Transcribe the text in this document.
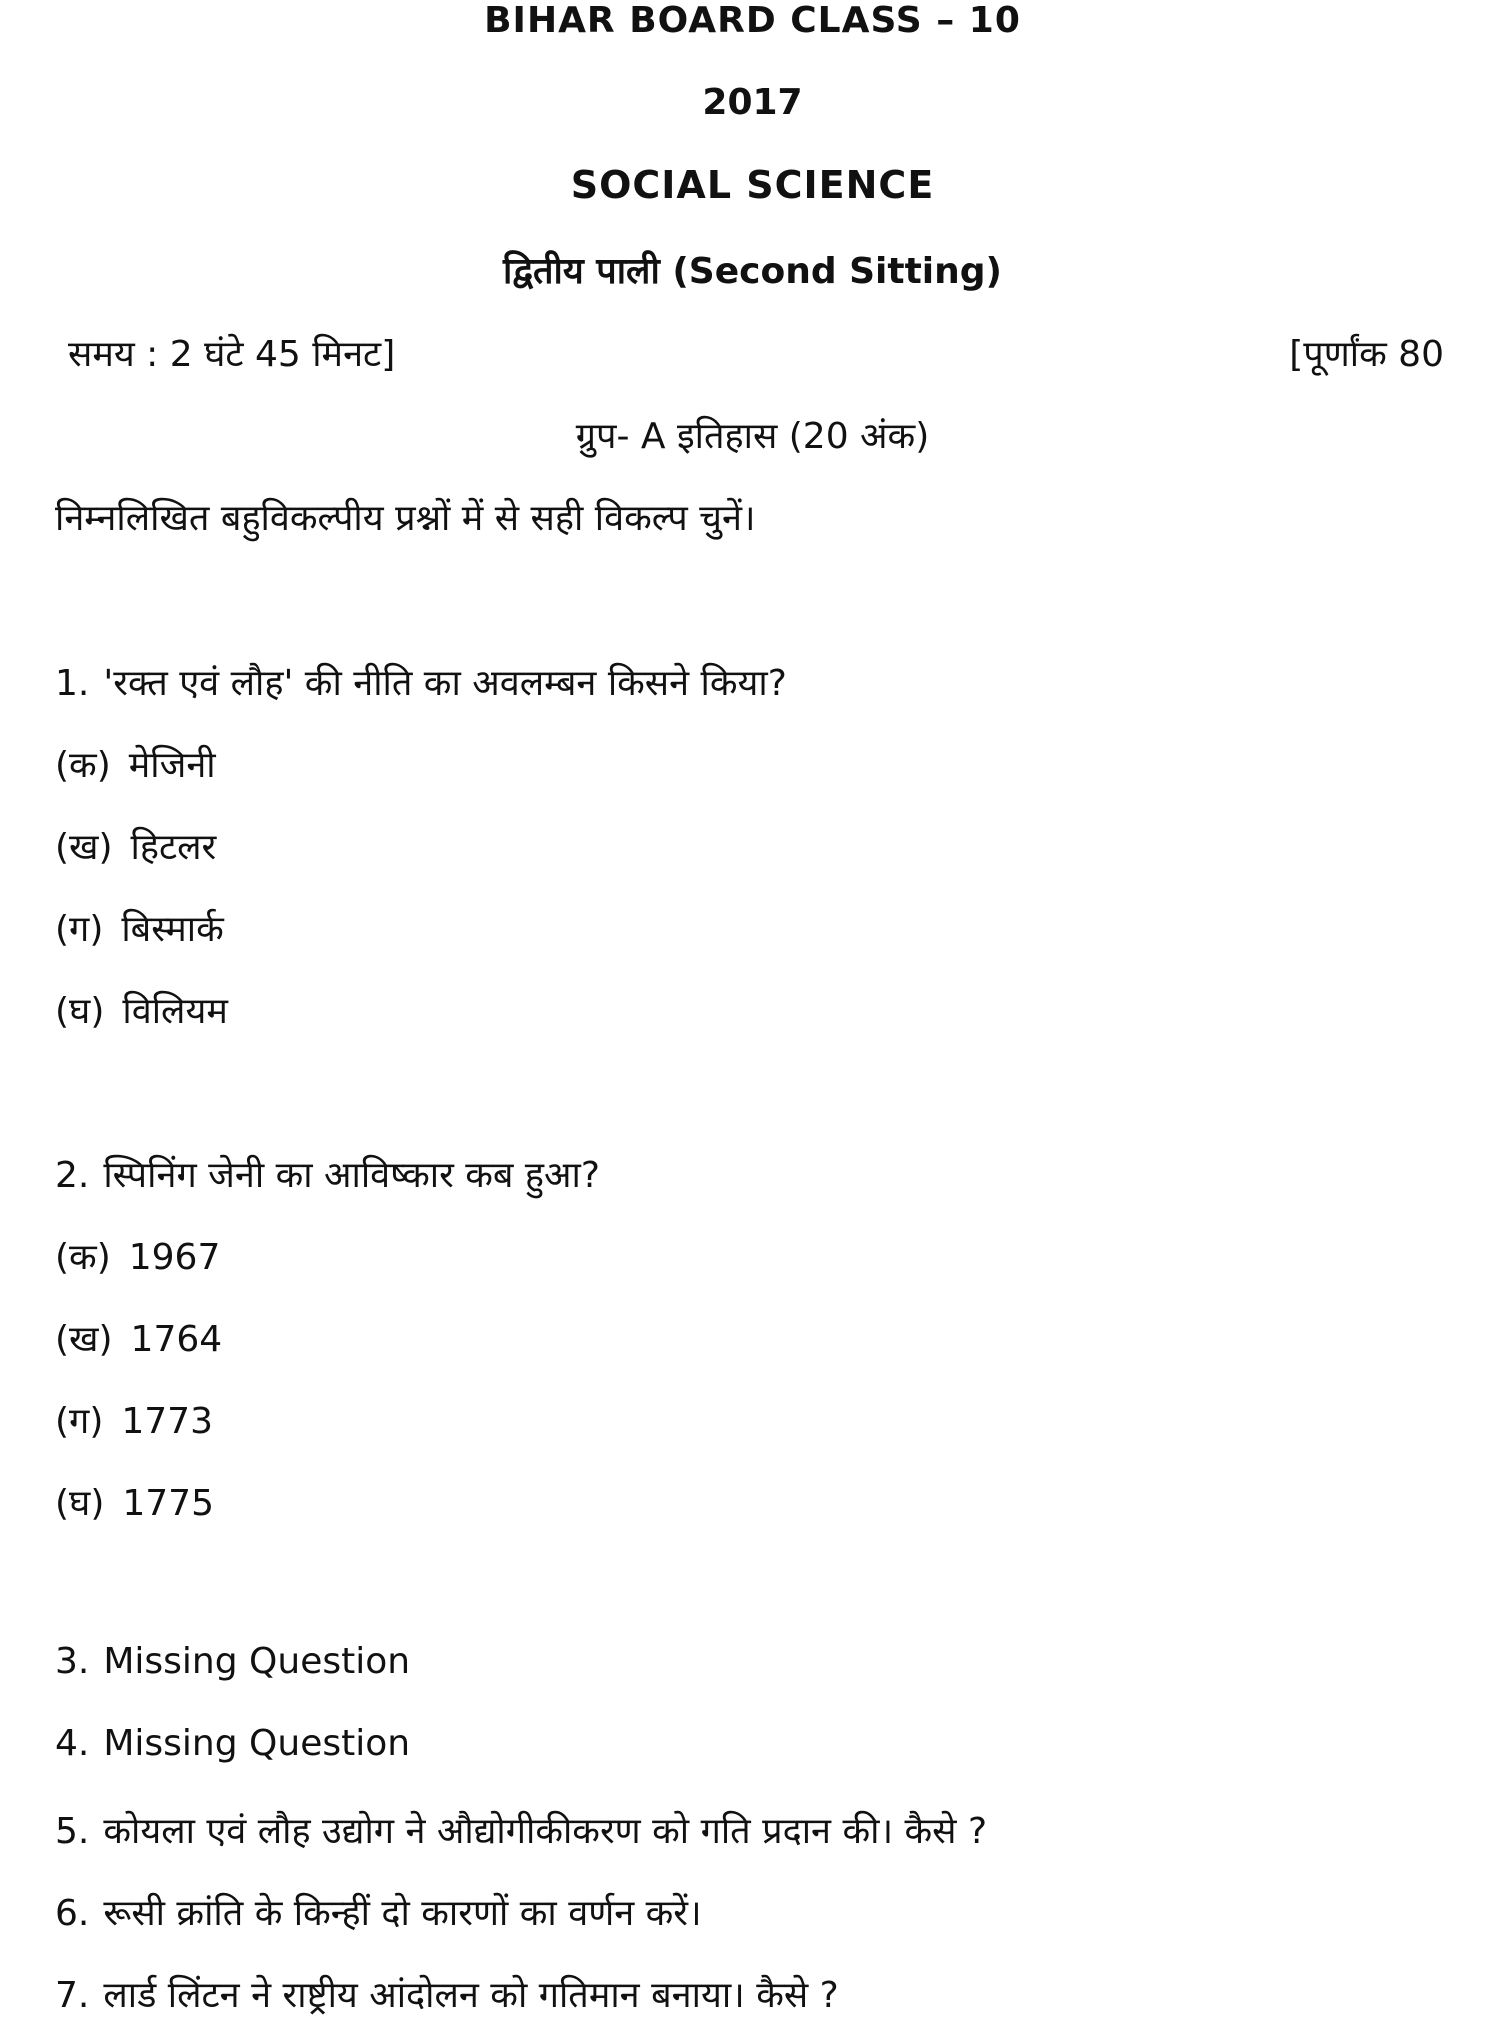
BIHAR BOARD CLASS – 10
2017
SOCIAL SCIENCE
द्वितीय पाली (Second Sitting)
समय : 2 घंटे 45 मिनट]	[पूर्णांक 80
ग्रुप- A इतिहास (20 अंक)
निम्नलिखित बहुविकल्पीय प्रश्नों में से सही विकल्प चुनें।
1. 'रक्त एवं लौह' की नीति का अवलम्बन किसने किया?
(क) मेजिनी
(ख) हिटलर
(ग) बिस्मार्क
(घ) विलियम
2. स्पिनिंग जेनी का आविष्कार कब हुआ?
(क) 1967
(ख) 1764
(ग) 1773
(घ) 1775
3. Missing Question
4. Missing Question
5. कोयला एवं लौह उद्योग ने औद्योगीकीकरण को गति प्रदान की। कैसे ?
6. रूसी क्रांति के किन्हीं दो कारणों का वर्णन करें।
7. लार्ड लिंटन ने राष्ट्रीय आंदोलन को गतिमान बनाया। कैसे ?
